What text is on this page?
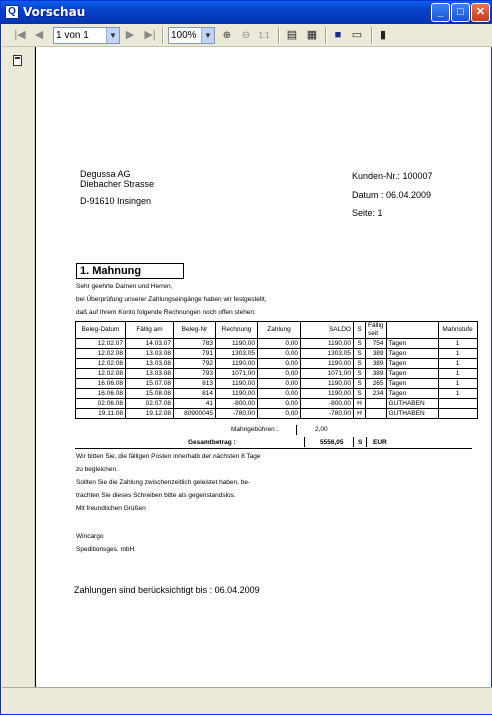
Q Vorschau	_	□	✕
|◀ ◀	1 von 1	▼ ▶ ▶|	100% ▼ ⊕ ⊖	1:1 ▤ ▦	■ ▭ ▮
Degussa AG
Diebacher Strasse
D-91610 Insingen
Kunden-Nr.: 100007
Datum : 06.04.2009
Seite: 1
1. Mahnung
Sehr geehrte Damen und Herren,
bei Überprüfung unserer Zahlungseingänge haben wir festgestellt,
daß auf Ihrem Konto folgende Rechnungen noch offen stehen:
Beleg-Datum	Fällig am	Beleg-Nr	Rechnung	Zahlung	SALDO	S	Fällig seit		Mahnstufe
12.02.07	14.03.07	783	1190,00	0,00	1190,00	S	754	Tagen	1
12.02.08	13.03.08	791	1303,05	0,00	1303,05	S	389	Tagen	1
12.02.08	13.03.08	792	1190,00	0,00	1190,00	S	389	Tagen	1
12.02.08	13.03.08	793	1071,00	0,00	1071,00	S	389	Tagen	1
16.06.08	15.07.08	813	1190,00	0,00	1190,00	S	265	Tagen	1
16.06.08	15.08.08	814	1190,00	0,00	1190,00	S	234	Tagen	1
02.06.08	02.07.08	41	-800,00	0,00	-800,00	H		GUTHABEN	
19.11.08	19.12.08	80900045	-780,00	0,00	-780,00	H		GUTHABEN	
Mahngebühren :	2,00
Gesamtbetrag :	5556,05 S EUR
Wir bitten Sie, die fälligen Posten innerhalb der nächsten 8 Tage
zu begleichen.
Sollten Sie die Zahlung zwischenzeitlich geleistet haben, be-
trachten Sie dieses Schreiben bitte als gegenstandslos.
Mit freundlichen Grüßen
Wincargo
Speditionsges. mbH
Zahlungen sind berücksichtigt bis : 06.04.2009
